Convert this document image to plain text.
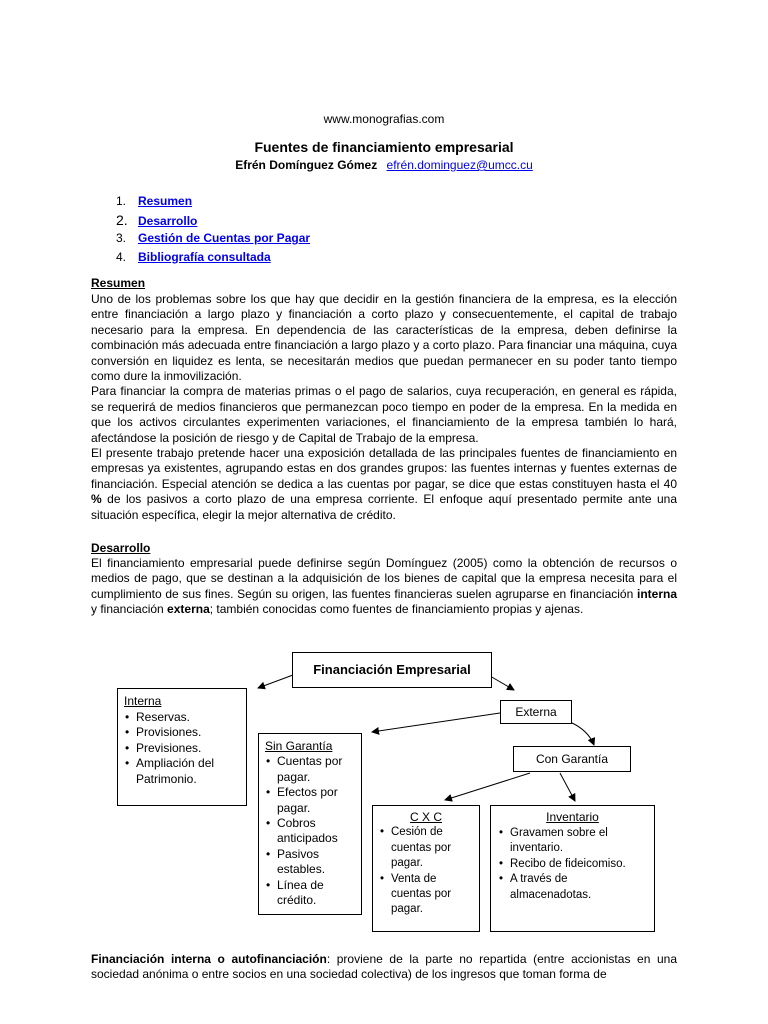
www.monografias.com
Fuentes de financiamiento empresarial
Efrén Domínguez Gómez efrén.dominguez@umcc.cu
1. Resumen
2. Desarrollo
3. Gestión de Cuentas por Pagar
4. Bibliografía consultada
Resumen

Uno de los problemas sobre los que hay que decidir en la gestión financiera de la empresa, es la elección entre financiación a largo plazo y financiación a corto plazo y consecuentemente, el capital de trabajo necesario para la empresa. En dependencia de las características de la empresa, deben definirse la combinación más adecuada entre financiación a largo plazo y a corto plazo. Para financiar una máquina, cuya conversión en liquidez es lenta, se necesitarán medios que puedan permanecer en su poder tanto tiempo como dure la inmovilización.

Para financiar la compra de materias primas o el pago de salarios, cuya recuperación, en general es rápida, se requerirá de medios financieros que permanezcan poco tiempo en poder de la empresa. En la medida en que los activos circulantes experimenten variaciones, el financiamiento de la empresa también lo hará, afectándose la posición de riesgo y de Capital de Trabajo de la empresa.

El presente trabajo pretende hacer una exposición detallada de las principales fuentes de financiamiento en empresas ya existentes, agrupando estas en dos grandes grupos: las fuentes internas y fuentes externas de financiación. Especial atención se dedica a las cuentas por pagar, se dice que estas constituyen hasta el 40 % de los pasivos a corto plazo de una empresa corriente. El enfoque aquí presentado permite ante una situación específica, elegir la mejor alternativa de crédito.

Desarrollo

El financiamiento empresarial puede definirse según Domínguez (2005) como la obtención de recursos o medios de pago, que se destinan a la adquisición de los bienes de capital que la empresa necesita para el cumplimiento de sus fines. Según su origen, las fuentes financieras suelen agruparse en financiación interna y financiación externa; también conocidas como fuentes de financiamiento propias y ajenas.

Financiación Empresarial
Interna
• Reservas.
• Provisiones.
• Previsiones.
• Ampliación del Patrimonio.
Externa
Sin Garantía
• Cuentas por pagar.
• Efectos por pagar.
• Cobros anticipados
• Pasivos estables.
• Línea de crédito.
Con Garantía
C X C
• Cesión de cuentas por pagar.
• Venta de cuentas por pagar.
Inventario
• Gravamen sobre el inventario.
• Recibo de fideicomiso.
• A través de almacenadotas.

Financiación interna o autofinanciación: proviene de la parte no repartida (entre accionistas en una sociedad anónima o entre socios en una sociedad colectiva) de los ingresos que toman forma de
